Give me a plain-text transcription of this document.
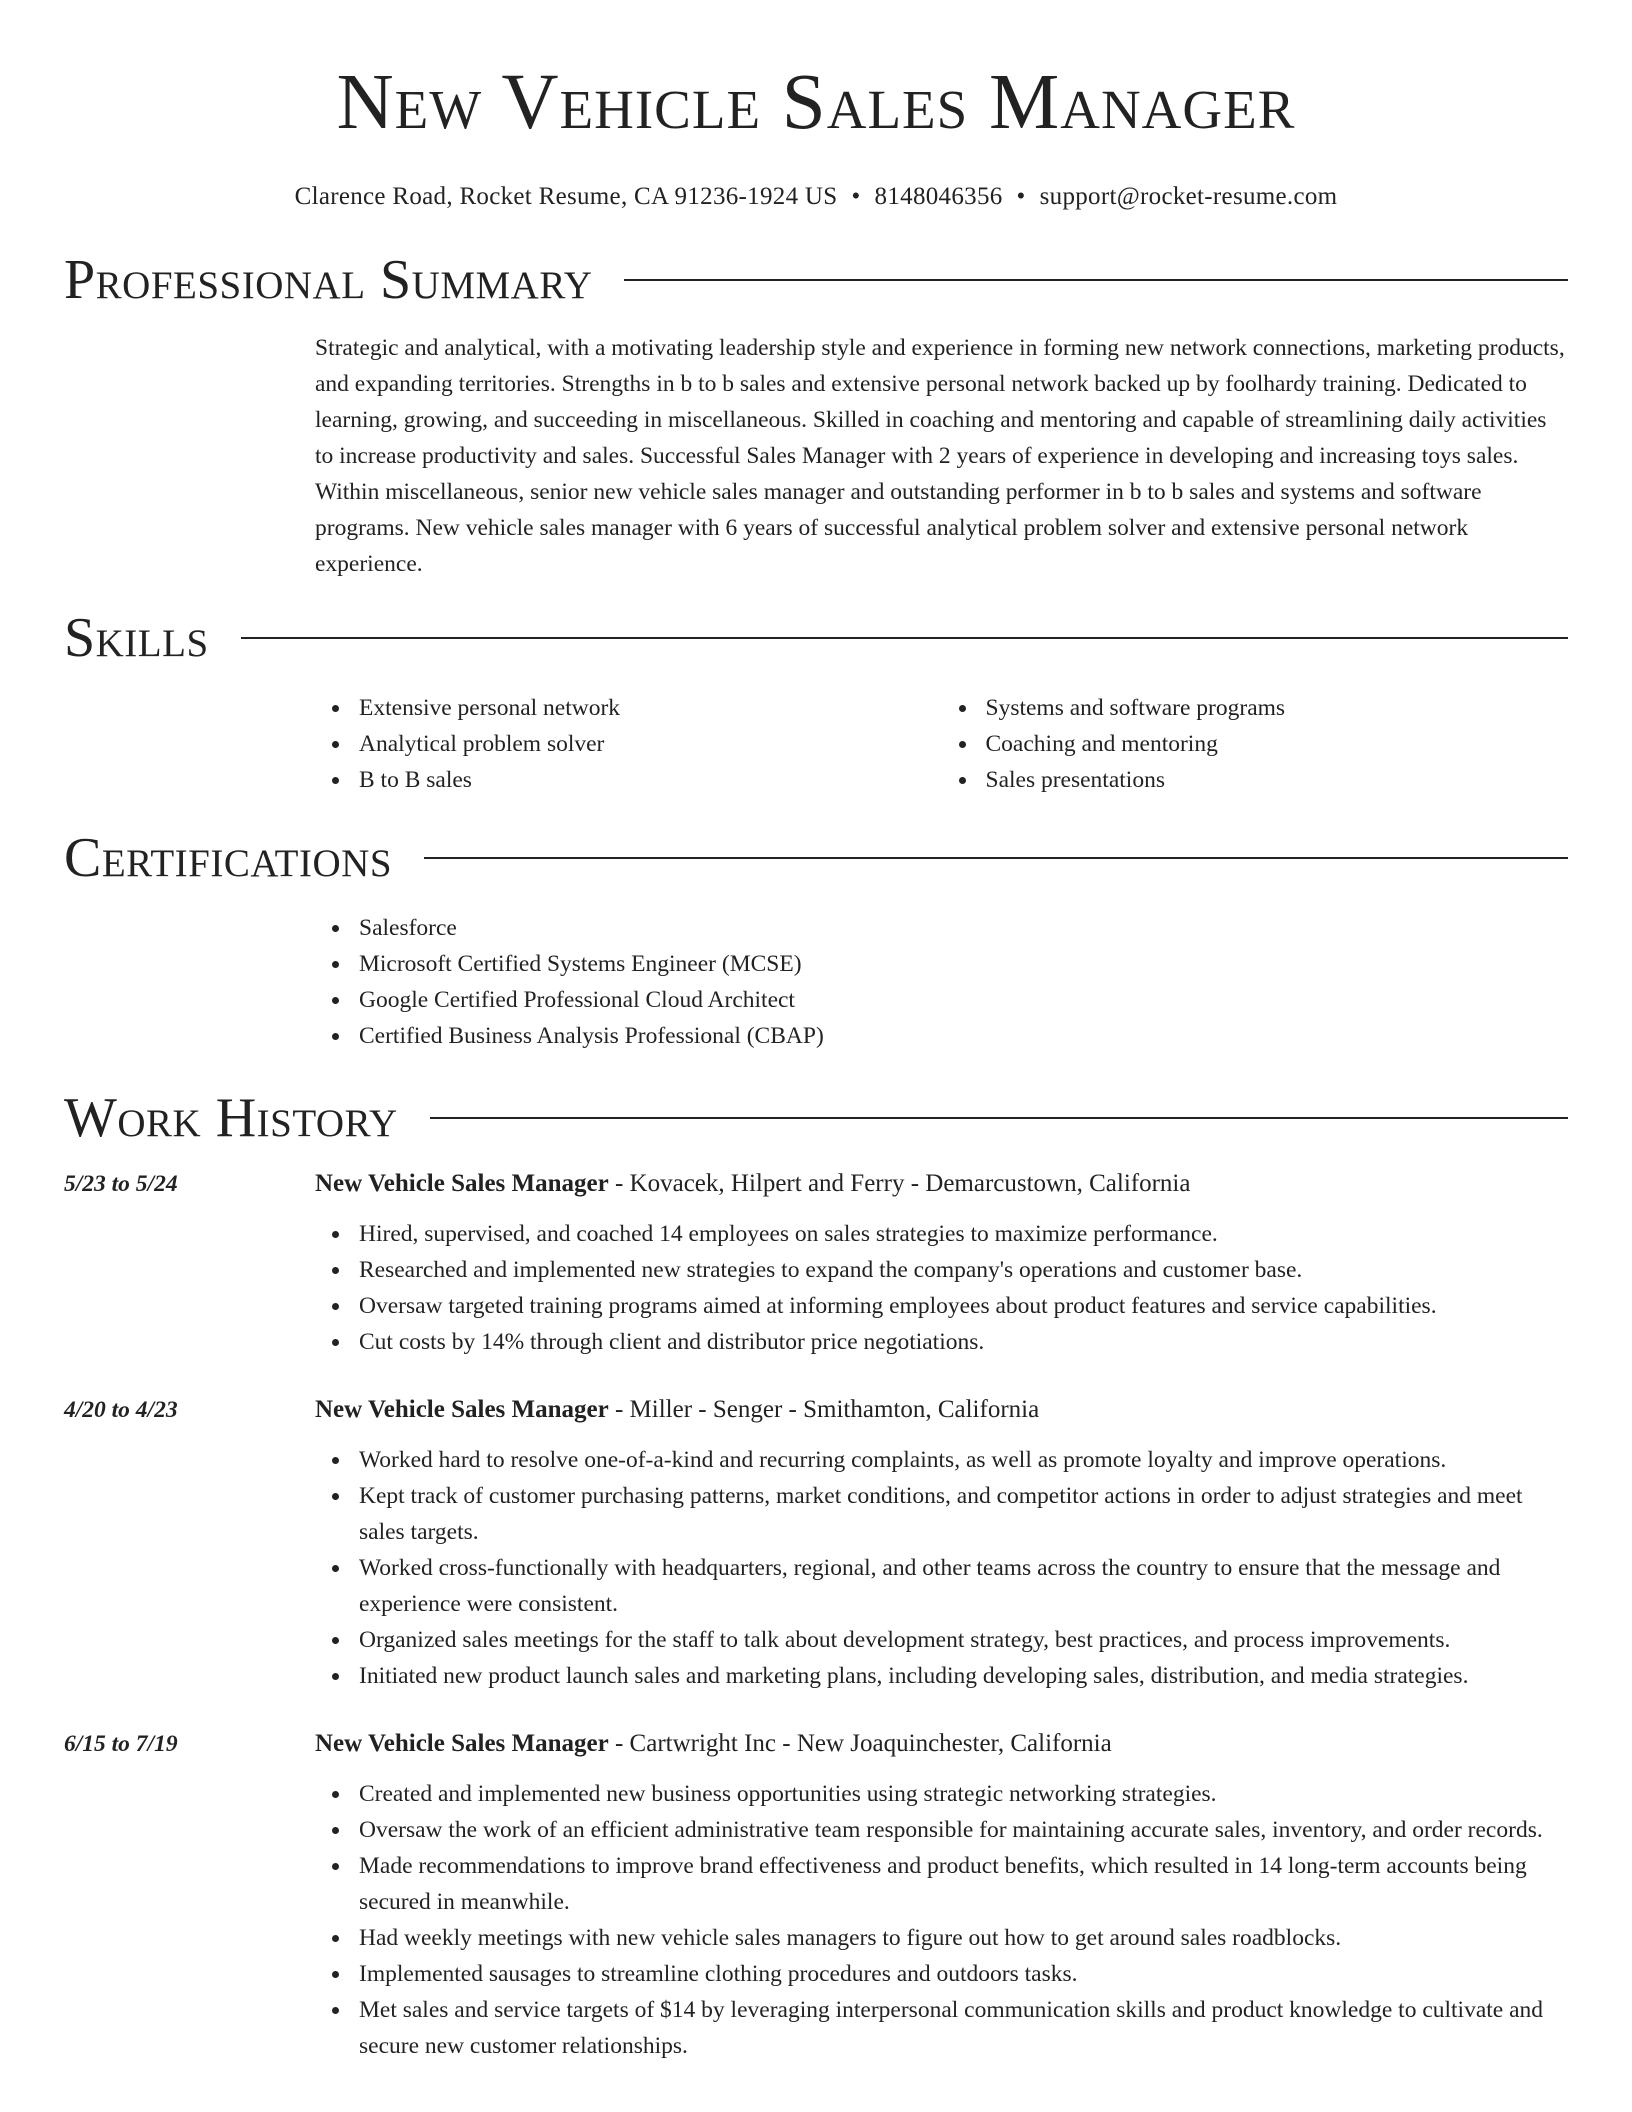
New Vehicle Sales Manager
Clarence Road, Rocket Resume, CA 91236-1924 US • 8148046356 • support@rocket-resume.com
Professional Summary
Strategic and analytical, with a motivating leadership style and experience in forming new network connections, marketing products, and expanding territories. Strengths in b to b sales and extensive personal network backed up by foolhardy training. Dedicated to learning, growing, and succeeding in miscellaneous. Skilled in coaching and mentoring and capable of streamlining daily activities to increase productivity and sales. Successful Sales Manager with 2 years of experience in developing and increasing toys sales. Within miscellaneous, senior new vehicle sales manager and outstanding performer in b to b sales and systems and software programs. New vehicle sales manager with 6 years of successful analytical problem solver and extensive personal network experience.
Skills
Extensive personal network
Analytical problem solver
B to B sales
Systems and software programs
Coaching and mentoring
Sales presentations
Certifications
Salesforce
Microsoft Certified Systems Engineer (MCSE)
Google Certified Professional Cloud Architect
Certified Business Analysis Professional (CBAP)
Work History
5/23 to 5/24	New Vehicle Sales Manager - Kovacek, Hilpert and Ferry - Demarcustown, California
Hired, supervised, and coached 14 employees on sales strategies to maximize performance.
Researched and implemented new strategies to expand the company's operations and customer base.
Oversaw targeted training programs aimed at informing employees about product features and service capabilities.
Cut costs by 14% through client and distributor price negotiations.
4/20 to 4/23	New Vehicle Sales Manager - Miller - Senger - Smithamton, California
Worked hard to resolve one-of-a-kind and recurring complaints, as well as promote loyalty and improve operations.
Kept track of customer purchasing patterns, market conditions, and competitor actions in order to adjust strategies and meet sales targets.
Worked cross-functionally with headquarters, regional, and other teams across the country to ensure that the message and experience were consistent.
Organized sales meetings for the staff to talk about development strategy, best practices, and process improvements.
Initiated new product launch sales and marketing plans, including developing sales, distribution, and media strategies.
6/15 to 7/19	New Vehicle Sales Manager - Cartwright Inc - New Joaquinchester, California
Created and implemented new business opportunities using strategic networking strategies.
Oversaw the work of an efficient administrative team responsible for maintaining accurate sales, inventory, and order records.
Made recommendations to improve brand effectiveness and product benefits, which resulted in 14 long-term accounts being secured in meanwhile.
Had weekly meetings with new vehicle sales managers to figure out how to get around sales roadblocks.
Implemented sausages to streamline clothing procedures and outdoors tasks.
Met sales and service targets of $14 by leveraging interpersonal communication skills and product knowledge to cultivate and secure new customer relationships.
